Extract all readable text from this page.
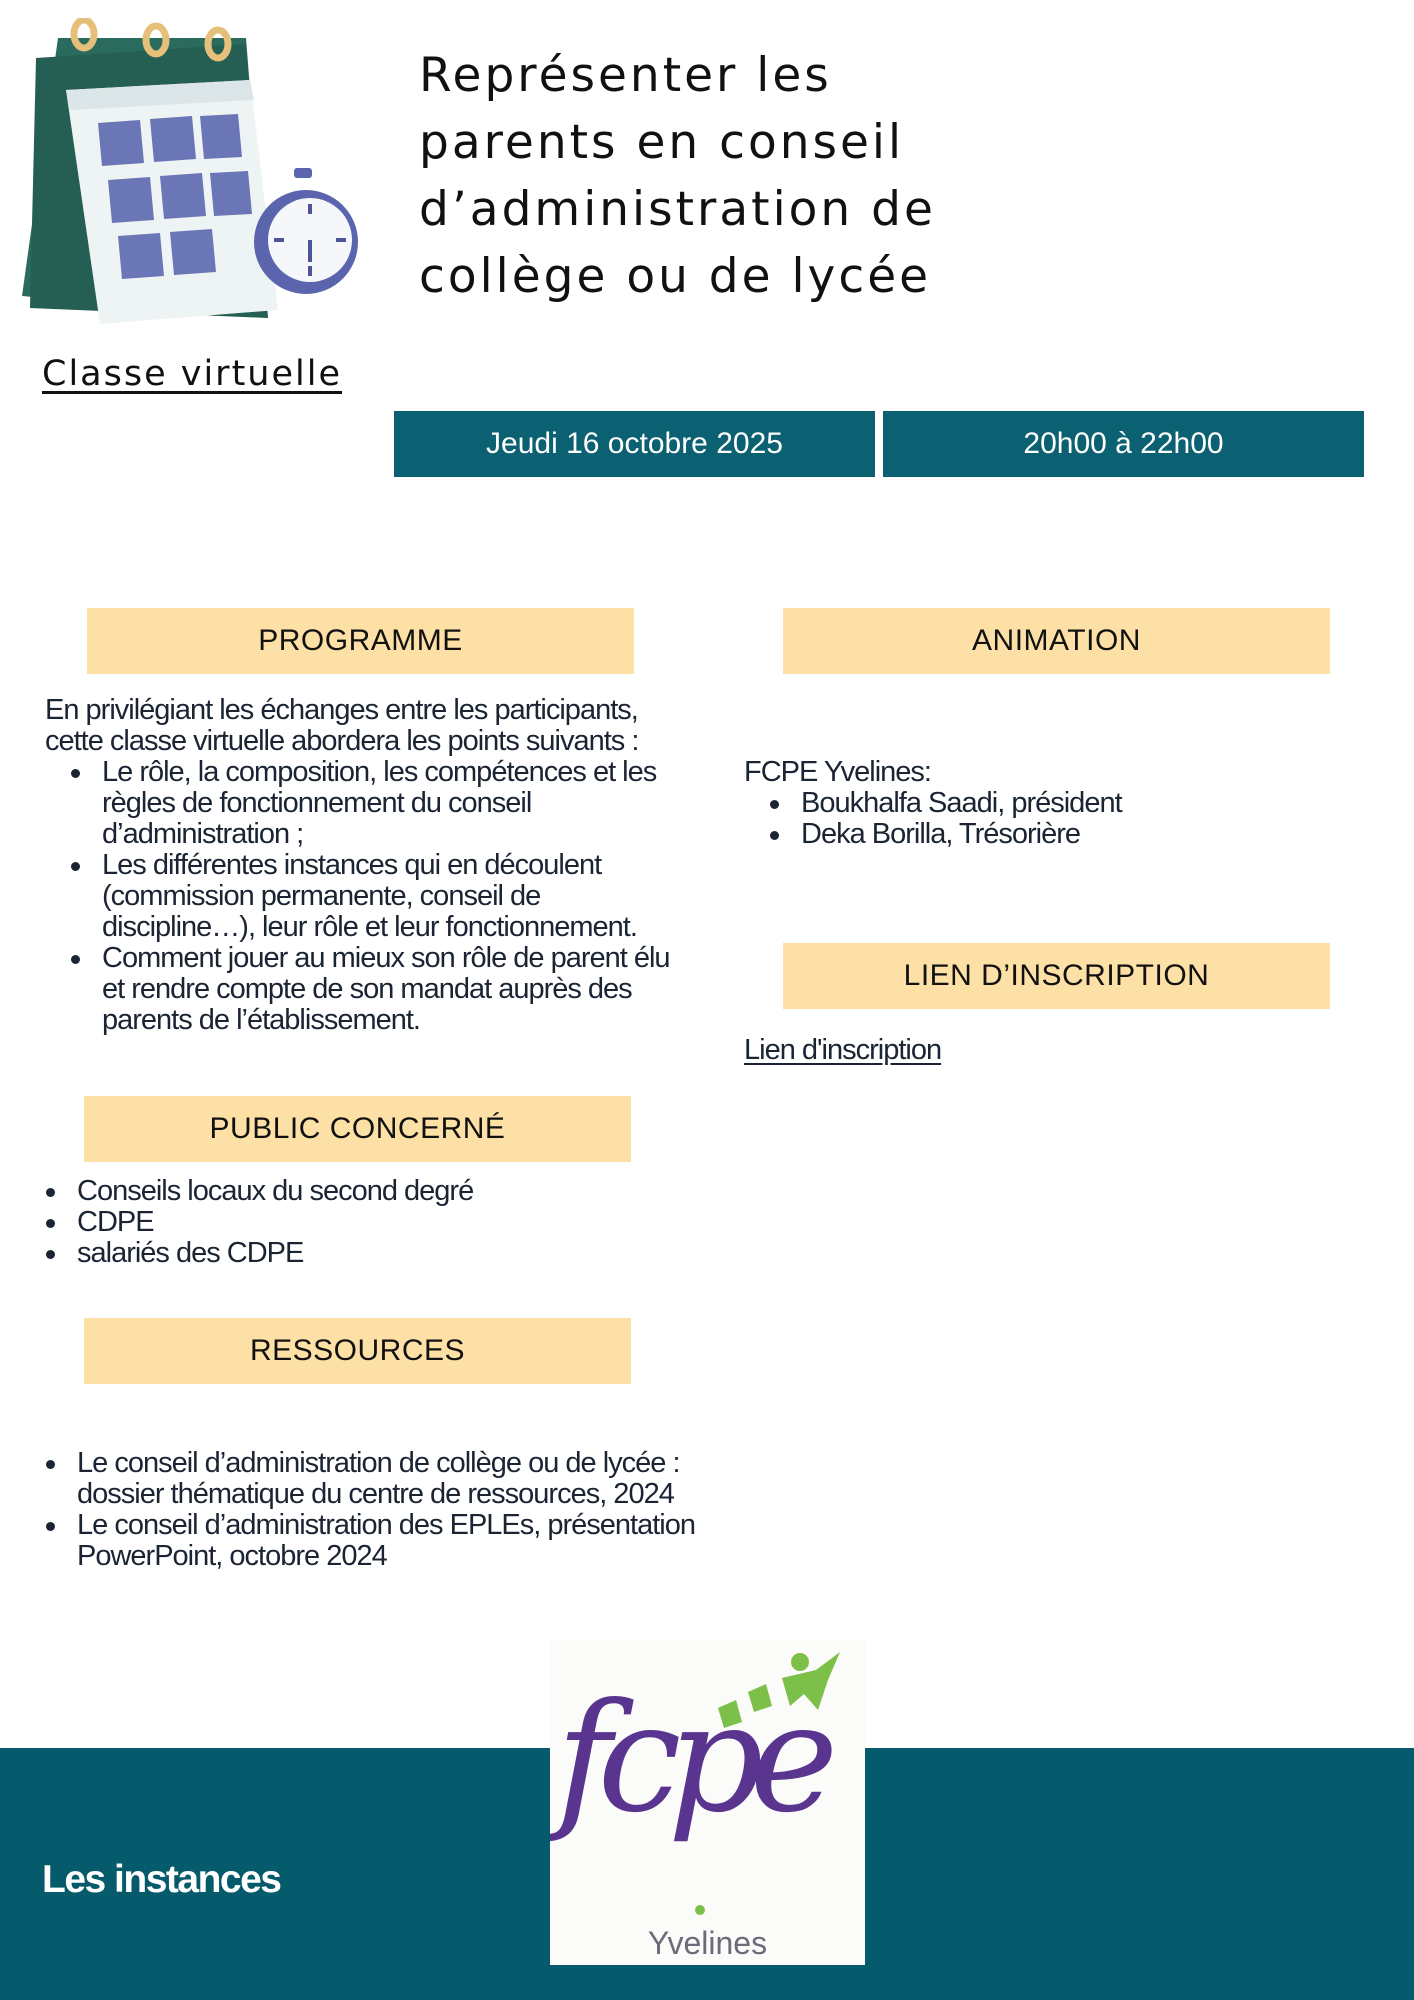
Représenter les parents en conseil d’administration de collège ou de lycée
Classe virtuelle
Jeudi 16 octobre 2025	20h00 à 22h00
PROGRAMME
En privilégiant les échanges entre les participants, cette classe virtuelle abordera les points suivants :
Le rôle, la composition, les compétences et les règles de fonctionnement du conseil d’administration ;
Les différentes instances qui en découlent (commission permanente, conseil de discipline…), leur rôle et leur fonctionnement.
Comment jouer au mieux son rôle de parent élu et rendre compte de son mandat auprès des parents de l’établissement.
PUBLIC CONCERNÉ
Conseils locaux du second degré
CDPE
salariés des CDPE
RESSOURCES
Le conseil d’administration de collège ou de lycée : dossier thématique du centre de ressources, 2024
Le conseil d’administration des EPLEs, présentation PowerPoint, octobre 2024
ANIMATION
FCPE Yvelines:
Boukhalfa Saadi, président
Deka Borilla, Trésorière
LIEN D’INSCRIPTION
Lien d'inscription
Les instances
fcpe
Yvelines
